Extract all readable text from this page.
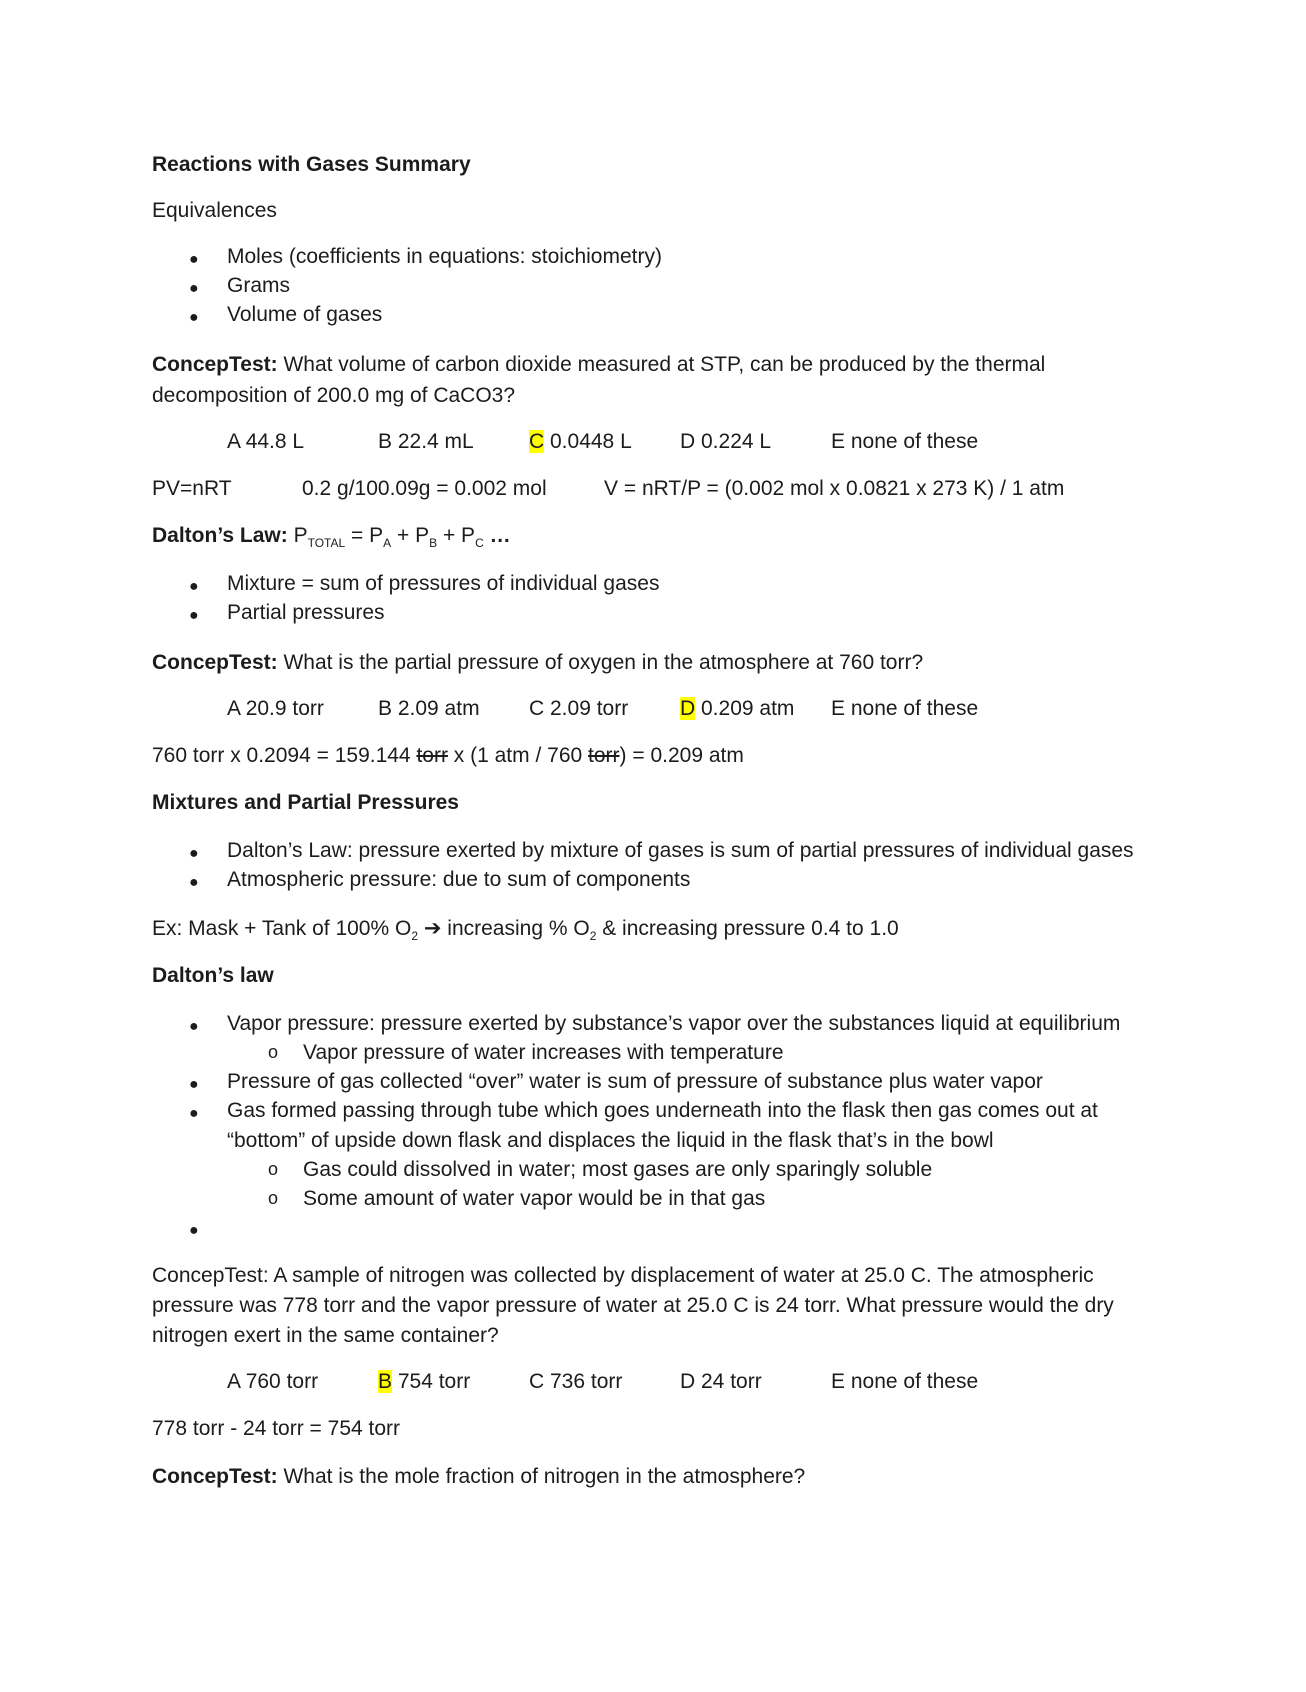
Reactions with Gases Summary
Equivalences
● Moles (coefficients in equations: stoichiometry)
● Grams
● Volume of gases
ConcepTest: What volume of carbon dioxide measured at STP, can be produced by the thermal
decomposition of 200.0 mg of CaCO3?
A 44.8 L	B 22.4 mL	C 0.0448 L D 0.224 L	E none of these
PV=nRT	0.2 g/100.09g = 0.002 mol	V = nRT/P = (0.002 mol x 0.0821 x 273 K) / 1 atm
Dalton’s Law: $P_{TOTAL} = P_A + P_B + P_C$ …
● Mixture = sum of pressures of individual gases
● Partial pressures
ConcepTest: What is the partial pressure of oxygen in the atmosphere at 760 torr?
A 20.9 torr	B 2.09 atm C 2.09 torr D 0.209 atm E none of these
760 torr x 0.2094 = 159.144 torr x (1 atm / 760 torr) = 0.209 atm
Mixtures and Partial Pressures
● Dalton’s Law: pressure exerted by mixture of gases is sum of partial pressures of individual gases
● Atmospheric pressure: due to sum of components
Ex: Mask + Tank of 100% $O_2$ ➔ increasing % $O_2$ & increasing pressure 0.4 to 1.0
Dalton’s law
● Vapor pressure: pressure exerted by substance’s vapor over the substances liquid at equilibrium
o Vapor pressure of water increases with temperature
● Pressure of gas collected “over” water is sum of pressure of substance plus water vapor
● Gas formed passing through tube which goes underneath into the flask then gas comes out at
“bottom” of upside down flask and displaces the liquid in the flask that’s in the bowl
o Gas could dissolved in water; most gases are only sparingly soluble
o Some amount of water vapor would be in that gas
●
ConcepTest: A sample of nitrogen was collected by displacement of water at 25.0 C. The atmospheric
pressure was 778 torr and the vapor pressure of water at 25.0 C is 24 torr. What pressure would the dry
nitrogen exert in the same container?
A 760 torr	B 754 torr	C 736 torr	D 24 torr	E none of these
778 torr - 24 torr = 754 torr
ConcepTest: What is the mole fraction of nitrogen in the atmosphere?
